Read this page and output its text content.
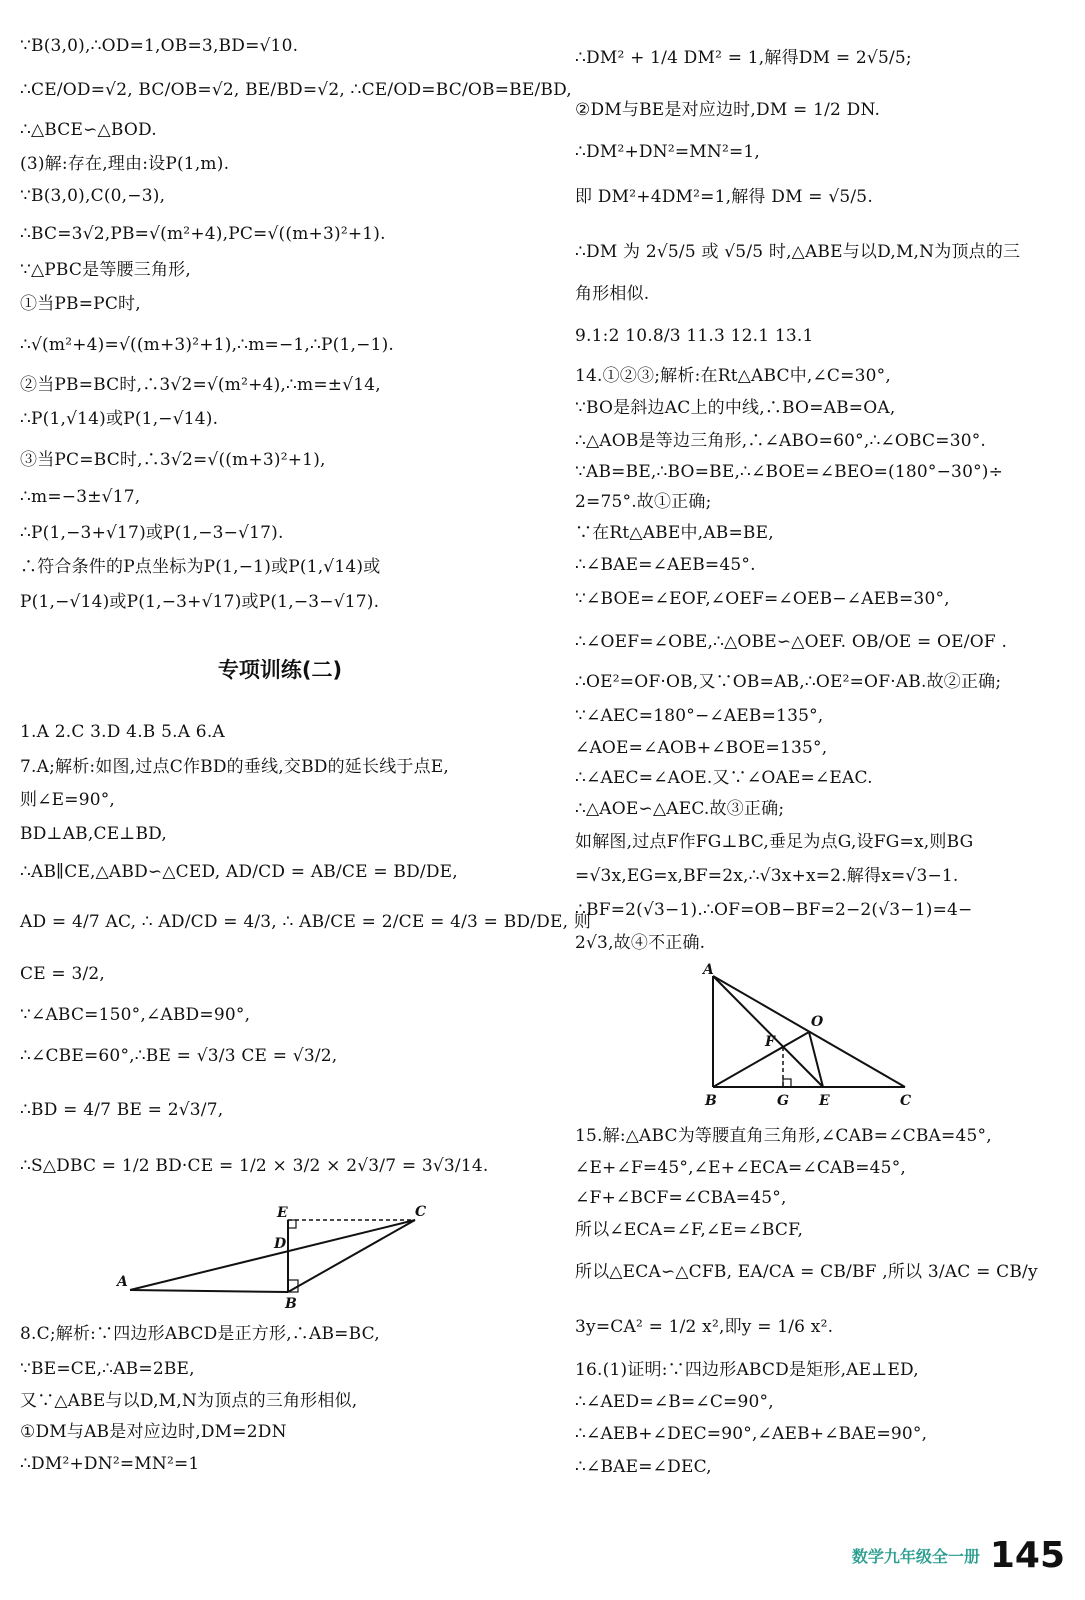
∵B(3,0),∴OD=1,OB=3,BD=√10.
∴CE/OD=√2, BC/OB=√2, BE/BD=√2, ∴CE/OD=BC/OB=BE/BD,
∴△BCE∽△BOD.
(3)解:存在,理由:设P(1,m).
∵B(3,0),C(0,−3),
∴BC=3√2,PB=√(m²+4),PC=√((m+3)²+1).
∵△PBC是等腰三角形,
①当PB=PC时,
∴√(m²+4)=√((m+3)²+1),∴m=−1,∴P(1,−1).
②当PB=BC时,∴3√2=√(m²+4),∴m=±√14,
∴P(1,√14)或P(1,−√14).
③当PC=BC时,∴3√2=√((m+3)²+1),
∴m=−3±√17,
∴P(1,−3+√17)或P(1,−3−√17).
∴符合条件的P点坐标为P(1,−1)或P(1,√14)或
P(1,−√14)或P(1,−3+√17)或P(1,−3−√17).
专项训练(二)
1.A 2.C 3.D 4.B 5.A 6.A
7.A;解析:如图,过点C作BD的垂线,交BD的延长线于点E,
则∠E=90°,
BD⊥AB,CE⊥BD,
∴AB∥CE,△ABD∽△CED, AD/CD = AB/CE = BD/DE,
AD = 4/7 AC, ∴ AD/CD = 4/3, ∴ AB/CE = 2/CE = 4/3 = BD/DE, 则
CE = 3/2,
∵∠ABC=150°,∠ABD=90°,
∴∠CBE=60°,∴BE = √3/3 CE = √3/2,
∴BD = 4/7 BE = 2√3/7,
∴S△DBC = 1/2 BD·CE = 1/2 × 3/2 × 2√3/7 = 3√3/14.
E	C
D
A
B
8.C;解析:∵四边形ABCD是正方形,∴AB=BC,
∵BE=CE,∴AB=2BE,
又∵△ABE与以D,M,N为顶点的三角形相似,
①DM与AB是对应边时,DM=2DN
∴DM²+DN²=MN²=1
∴DM² + 1/4 DM² = 1,解得DM = 2√5/5;
②DM与BE是对应边时,DM = 1/2 DN.
∴DM²+DN²=MN²=1,
即 DM²+4DM²=1,解得 DM = √5/5.
∴DM 为 2√5/5 或 √5/5 时,△ABE与以D,M,N为顶点的三
角形相似.
9.1:2 10.8/3 11.3 12.1 13.1
14.①②③;解析:在Rt△ABC中,∠C=30°,
∵BO是斜边AC上的中线,∴BO=AB=OA,
∴△AOB是等边三角形,∴∠ABO=60°,∴∠OBC=30°.
∵AB=BE,∴BO=BE,∴∠BOE=∠BEO=(180°−30°)÷
2=75°.故①正确;
∵在Rt△ABE中,AB=BE,
∴∠BAE=∠AEB=45°.
∵∠BOE=∠EOF,∠OEF=∠OEB−∠AEB=30°,
∴∠OEF=∠OBE,∴△OBE∽△OEF. OB/OE = OE/OF .
∴OE²=OF·OB,又∵OB=AB,∴OE²=OF·AB.故②正确;
∵∠AEC=180°−∠AEB=135°,
∠AOE=∠AOB+∠BOE=135°,
∴∠AEC=∠AOE.又∵∠OAE=∠EAC.
∴△AOE∽△AEC.故③正确;
如解图,过点F作FG⊥BC,垂足为点G,设FG=x,则BG
=√3x,EG=x,BF=2x,∴√3x+x=2.解得x=√3−1.
∴BF=2(√3−1).∴OF=OB−BF=2−2(√3−1)=4−
2√3,故④不正确.
A
O
F
B	G E	C
15.解:△ABC为等腰直角三角形,∠CAB=∠CBA=45°,
∠E+∠F=45°,∠E+∠ECA=∠CAB=45°,
∠F+∠BCF=∠CBA=45°,
所以∠ECA=∠F,∠E=∠BCF,
所以△ECA∽△CFB, EA/CA = CB/BF ,所以 3/AC = CB/y
3y=CA² = 1/2 x²,即y = 1/6 x².
16.(1)证明:∵四边形ABCD是矩形,AE⊥ED,
∴∠AED=∠B=∠C=90°,
∴∠AEB+∠DEC=90°,∠AEB+∠BAE=90°,
∴∠BAE=∠DEC,
数学九年级全一册 145
